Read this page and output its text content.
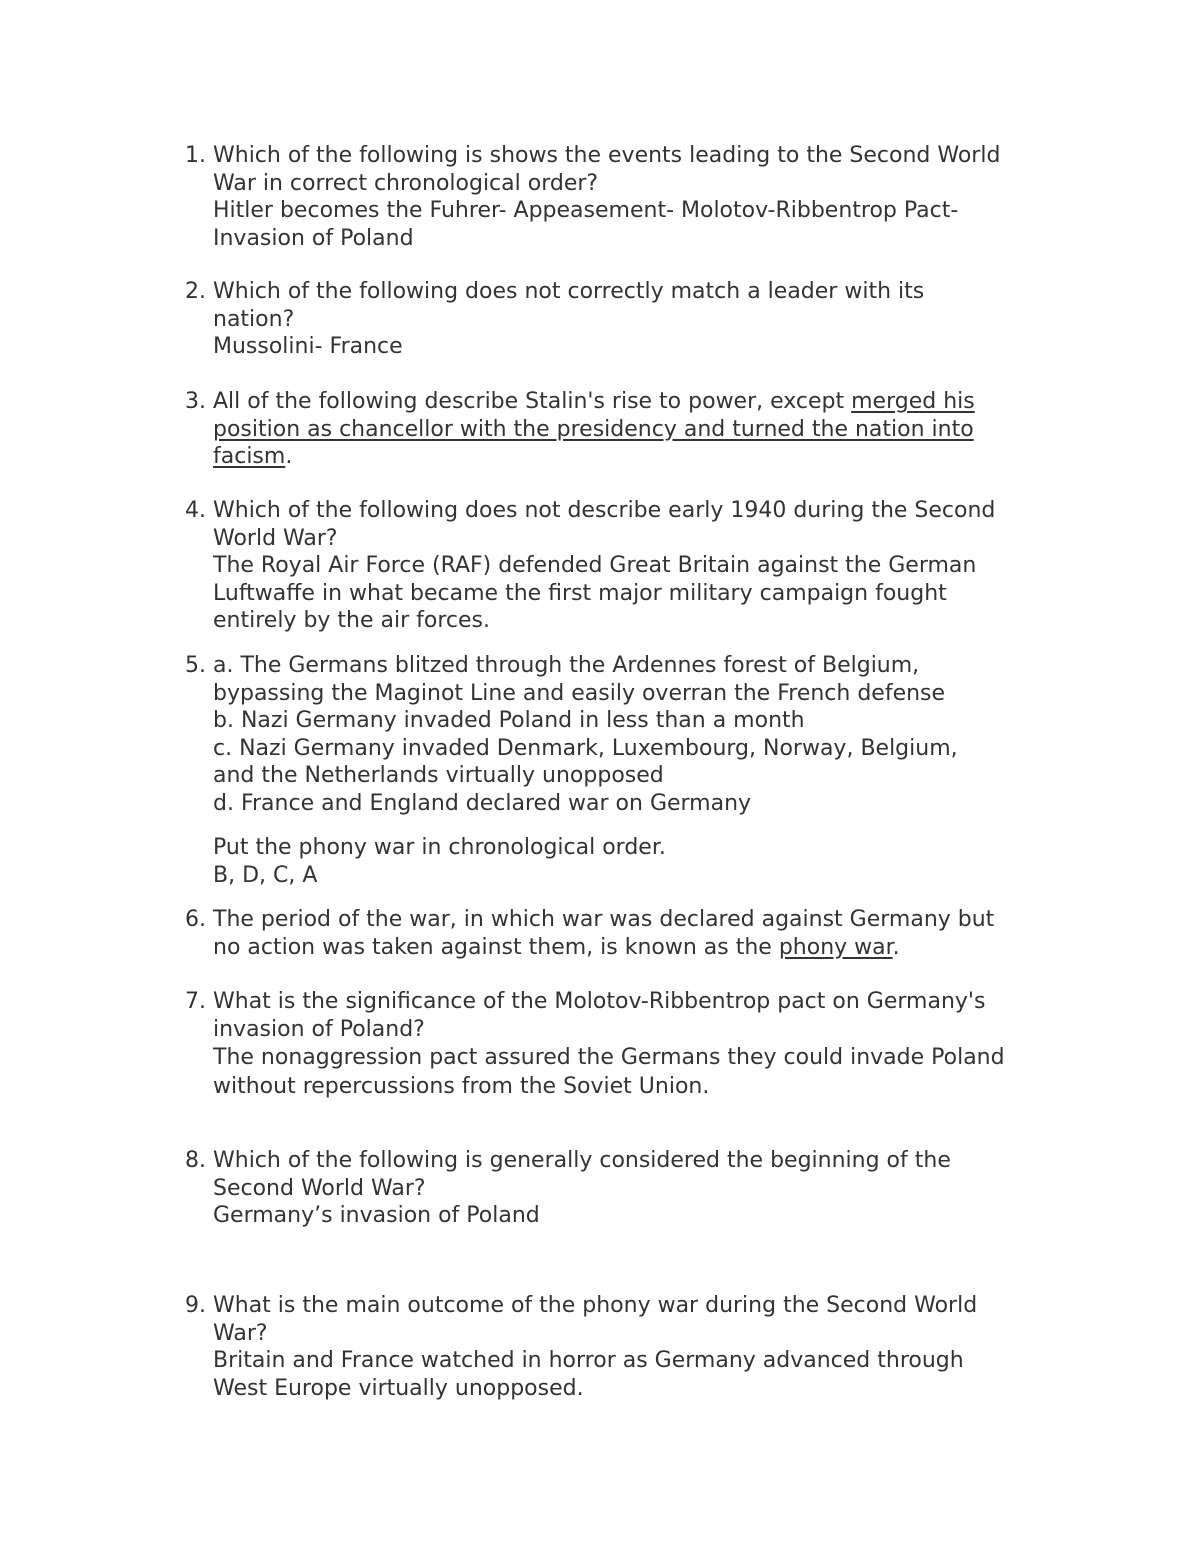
1. Which of the following is shows the events leading to the Second World
War in correct chronological order?
Hitler becomes the Fuhrer- Appeasement- Molotov-Ribbentrop Pact-
Invasion of Poland
2. Which of the following does not correctly match a leader with its
nation?
Mussolini- France
3. All of the following describe Stalin's rise to power, except merged his
position as chancellor with the presidency and turned the nation into
facism.
4. Which of the following does not describe early 1940 during the Second
World War?
The Royal Air Force (RAF) defended Great Britain against the German
Luftwaffe in what became the first major military campaign fought
entirely by the air forces.
5. a. The Germans blitzed through the Ardennes forest of Belgium,
bypassing the Maginot Line and easily overran the French defense
b. Nazi Germany invaded Poland in less than a month
c. Nazi Germany invaded Denmark, Luxembourg, Norway, Belgium,
and the Netherlands virtually unopposed
d. France and England declared war on Germany
Put the phony war in chronological order.
B, D, C, A
6. The period of the war, in which war was declared against Germany but
no action was taken against them, is known as the phony war.
7. What is the significance of the Molotov-Ribbentrop pact on Germany's
invasion of Poland?
The nonaggression pact assured the Germans they could invade Poland
without repercussions from the Soviet Union.
8. Which of the following is generally considered the beginning of the
Second World War?
Germany’s invasion of Poland
9. What is the main outcome of the phony war during the Second World
War?
Britain and France watched in horror as Germany advanced through
West Europe virtually unopposed.
